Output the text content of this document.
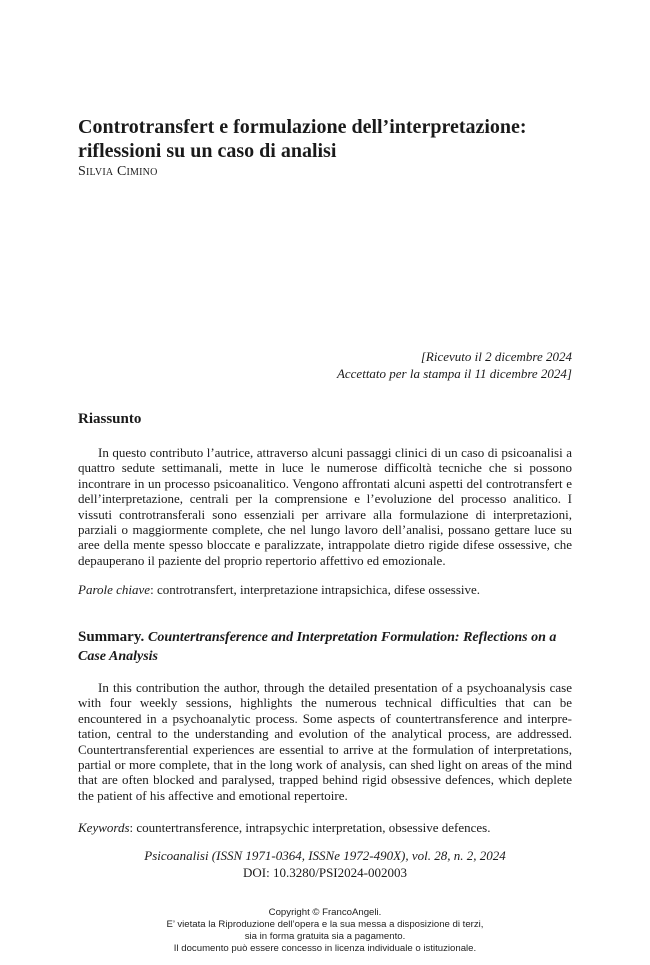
Controtransfert e formulazione dell’interpretazione: riflessioni su un caso di analisi
Silvia Cimino
[Ricevuto il 2 dicembre 2024
Accettato per la stampa il 11 dicembre 2024]
Riassunto

In questo contributo l’autrice, attraverso alcuni passaggi clinici di un caso di psicoanalisi a quattro sedute settimanali, mette in luce le numerose difficoltà tecniche che si possono incontrare in un processo psicoanalitico. Vengono affrontati alcuni aspetti del controtransfert e dell’interpretazione, centrali per la comprensione e l’evoluzione del processo analitico. I vissuti controtransferali sono essenziali per arrivare alla formulazione di interpretazioni, parziali o maggiormente complete, che nel lungo lavoro dell’analisi, possano gettare luce su aree della mente spesso bloccate e paralizzate, intrappolate dietro rigide difese ossessive, che depauperano il paziente del proprio repertorio affettivo ed emozionale.

Parole chiave: controtransfert, interpretazione intrapsichica, difese ossessive.

Summary. Countertransference and Interpretation Formulation: Reflections on a Case Analysis

In this contribution the author, through the detailed presentation of a psychoanalysis case with four weekly sessions, highlights the numerous technical difficulties that can be encountered in a psychoanalytic process. Some aspects of countertransference and interpretation, central to the understanding and evolution of the analytical process, are addressed. Countertransferential experiences are essential to arrive at the formulation of interpretations, partial or more complete, that in the long work of analysis, can shed light on areas of the mind that are often blocked and paralysed, trapped behind rigid obsessive defences, which deplete the patient of his affective and emotional repertoire.

Keywords: countertransference, intrapsychic interpretation, obsessive defences.

Psicoanalisi (ISSN 1971-0364, ISSNe 1972-490X), vol. 28, n. 2, 2024
DOI: 10.3280/PSI2024-002003
Copyright © FrancoAngeli.
E’ vietata la Riproduzione dell’opera e la sua messa a disposizione di terzi,
sia in forma gratuita sia a pagamento.
Il documento può essere concesso in licenza individuale o istituzionale.
